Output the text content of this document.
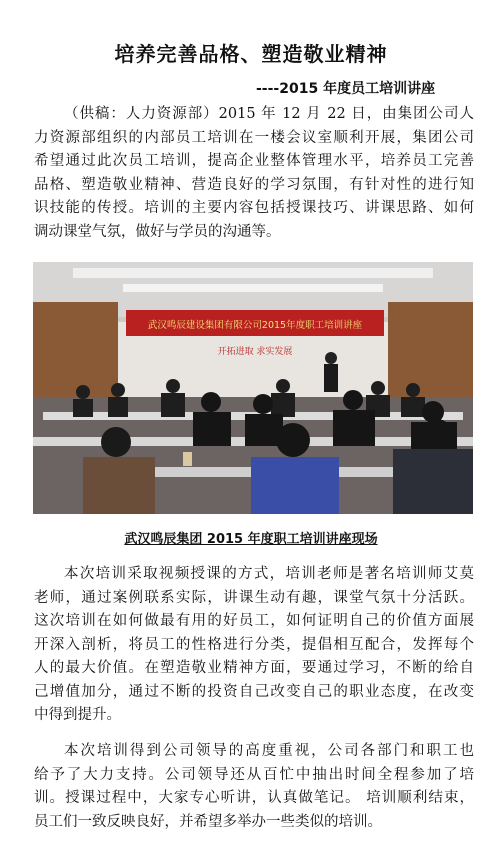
培养完善品格、塑造敬业精神
----2015 年度员工培训讲座
（供稿：人力资源部）2015 年 12 月 22 日，由集团公司人
力资源部组织的内部员工培训在一楼会议室顺利开展，集团公司
希望通过此次员工培训，提高企业整体管理水平，培养员工完善
品格、塑造敬业精神、营造良好的学习氛围，有针对性的进行知
识技能的传授。培训的主要内容包括授课技巧、讲课思路、如何
调动课堂气氛，做好与学员的沟通等。
武汉鸣辰建设集团有限公司2015年度职工培训讲座
开拓进取 求实发展
武汉鸣辰集团 2015 年度职工培训讲座现场
本次培训采取视频授课的方式，培训老师是著名培训师艾莫
老师，通过案例联系实际，讲课生动有趣，课堂气氛十分活跃。
这次培训在如何做最有用的好员工，如何证明自己的价值方面展
开深入剖析，将员工的性格进行分类，提倡相互配合，发挥每个
人的最大价值。在塑造敬业精神方面，要通过学习，不断的给自
己增值加分，通过不断的投资自己改变自己的职业态度，在改变
中得到提升。
本次培训得到公司领导的高度重视，公司各部门和职工也
给予了大力支持。公司领导还从百忙中抽出时间全程参加了培
训。授课过程中，大家专心听讲，认真做笔记。 培训顺利结束，
员工们一致反映良好，并希望多举办一些类似的培训。
